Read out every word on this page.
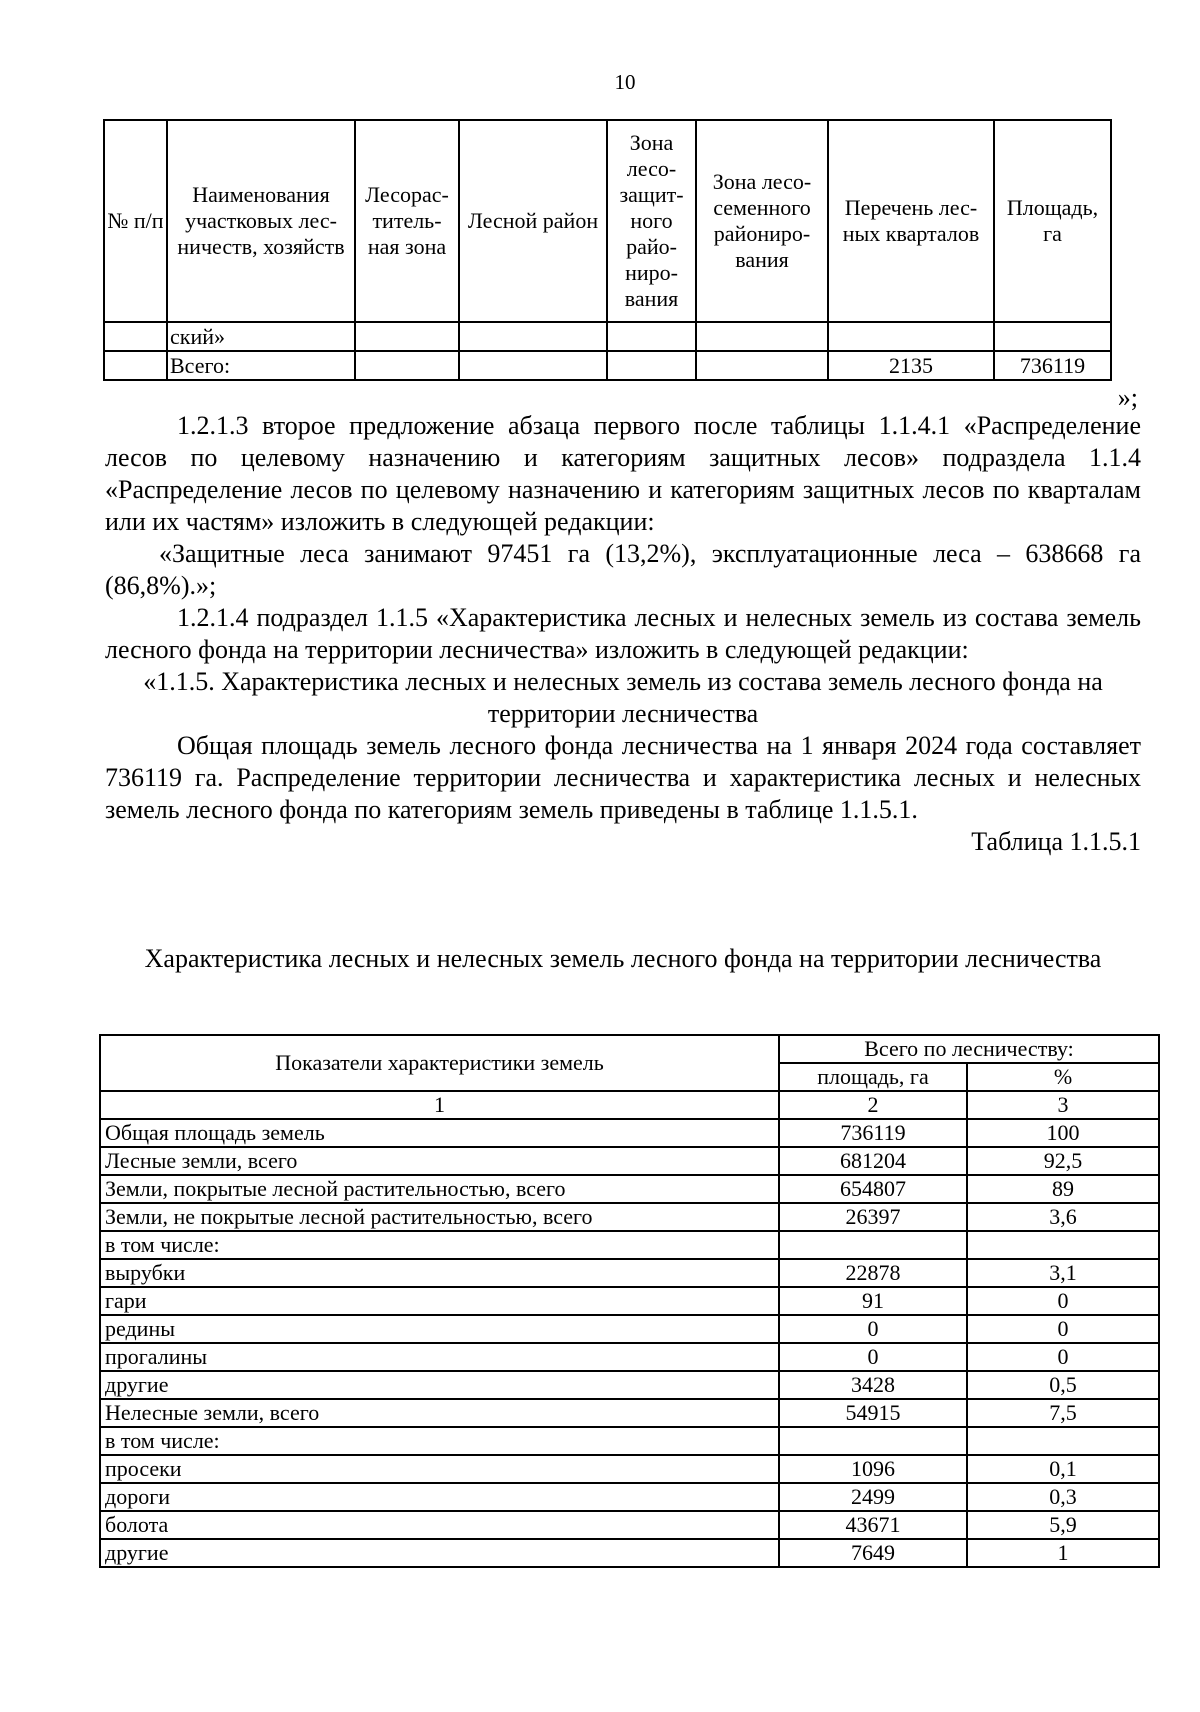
10
№ п/п	Наименования участковых лес-ничеств, хозяйств	Лесорас-титель-ная зона	Лесной район	Зона лесо-защит-ного райо-ниро-вания	Зона лесо-семенного райониро-вания	Перечень лес-ных кварталов	Площадь, га
	ский»						
	Всего:					2135	736119
»;

1.2.1.3 второе предложение абзаца первого после таблицы 1.1.4.1 «Распределение лесов по целевому назначению и категориям защитных лесов» подраздела 1.1.4 «Распределение лесов по целевому назначению и категориям защитных лесов по кварталам или их частям» изложить в следующей редакции:

«Защитные леса занимают 97451 га (13,2%), эксплуатационные леса – 638668 га (86,8%).»;

1.2.1.4 подраздел 1.1.5 «Характеристика лесных и нелесных земель из состава земель лесного фонда на территории лесничества» изложить в следующей редакции:

«1.1.5. Характеристика лесных и нелесных земель из состава земель лесного фонда на территории лесничества

Общая площадь земель лесного фонда лесничества на 1 января 2024 года составляет 736119 га. Распределение территории лесничества и характеристика лесных и нелесных земель лесного фонда по категориям земель приведены в таблице 1.1.5.1.

Таблица 1.1.5.1

Характеристика лесных и нелесных земель лесного фонда на территории лесничества
Показатели характеристики земель	Всего по лесничеству:	
	площадь, га	%
1	2	3
Общая площадь земель	736119	100
Лесные земли, всего	681204	92,5
Земли, покрытые лесной растительностью, всего	654807	89
Земли, не покрытые лесной растительностью, всего	26397	3,6
в том числе:		
вырубки	22878	3,1
гари	91	0
редины	0	0
прогалины	0	0
другие	3428	0,5
Нелесные земли, всего	54915	7,5
в том числе:		
просеки	1096	0,1
дороги	2499	0,3
болота	43671	5,9
другие	7649	1
